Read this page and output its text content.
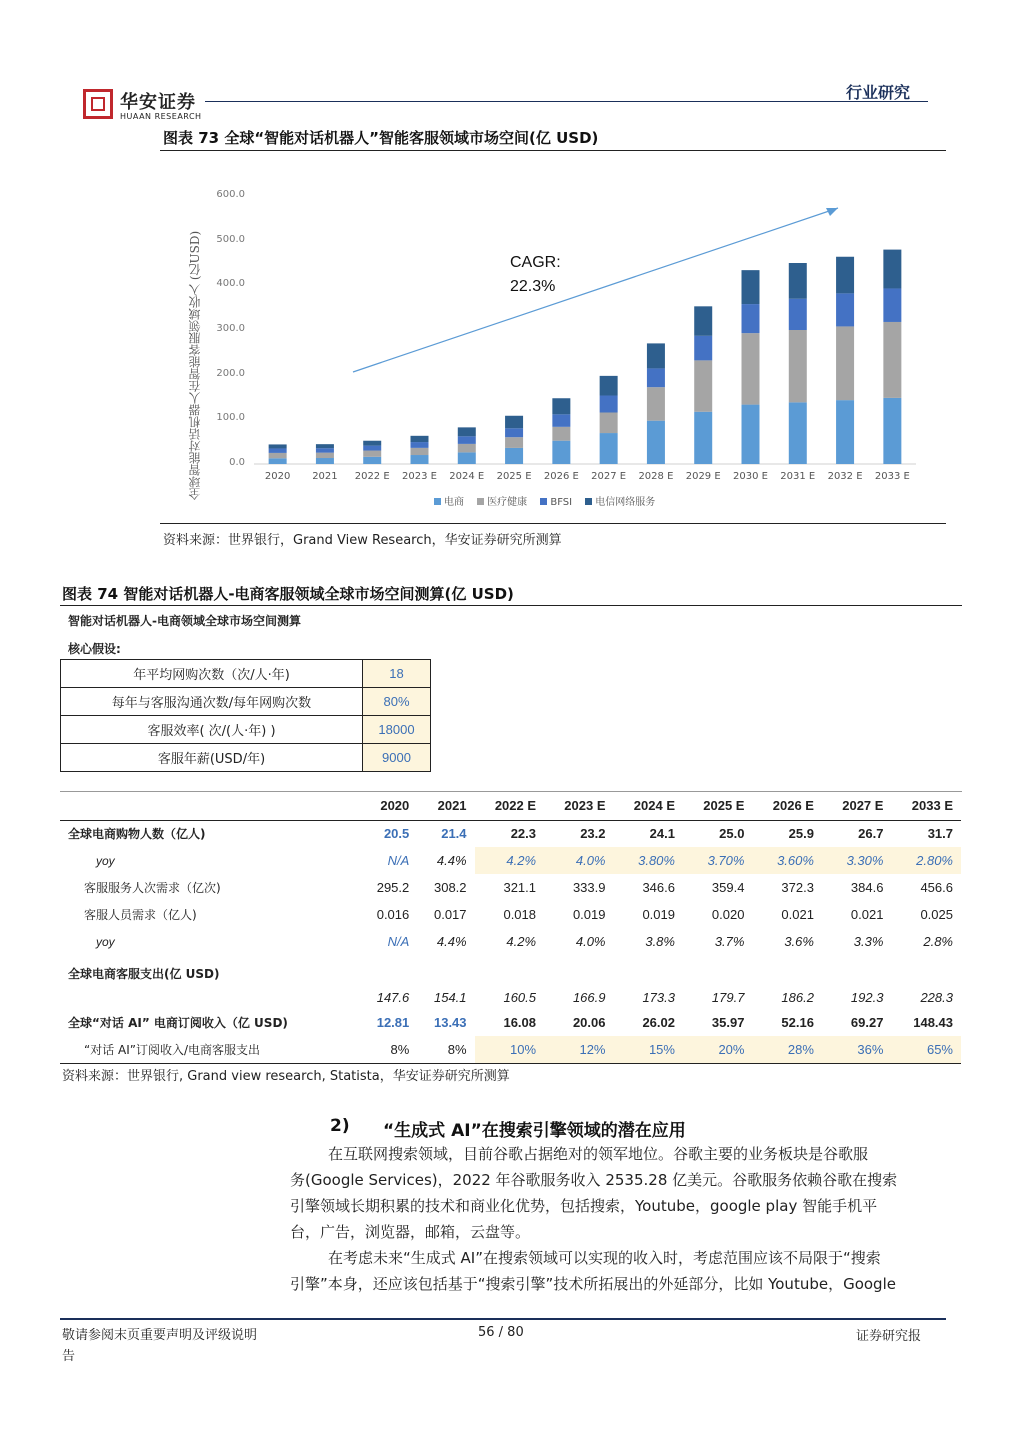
华安证券
HUAAN RESEARCH
行业研究
图表 73 全球“智能对话机器人”智能客服领域市场空间(亿 USD)
全球智能对话机器人在智能客服领域收入 (亿USD)	0.0
100.0
200.0
300.0
400.0
500.0
600.0
2020	2021	2022 E	2023 E	2024 E	2025 E	2026 E	2027 E	2028 E	2029 E	2030 E	2031 E	2032 E	2033 E
CAGR:
22.3%
电商 医疗健康 BFSI 电信网络服务
资料来源：世界银行，Grand View Research，华安证券研究所测算
图表 74 智能对话机器人-电商客服领域全球市场空间测算(亿 USD)
智能对话机器人-电商领域全球市场空间测算
核心假设:
年平均网购次数（次/人·年)	18
每年与客服沟通次数/每年网购次数	80%
客服效率( 次/(人·年) )	18000
客服年薪(USD/年)	9000
	2020	2021	2022 E	2023 E	2024 E	2025 E	2026 E	2027 E	2033 E
全球电商购物人数（亿人)	20.5	21.4	22.3	23.2	24.1	25.0	25.9	26.7	31.7
yoy	N/A	4.4%	4.2%	4.0%	3.80%	3.70%	3.60%	3.30%	2.80%
客服服务人次需求（亿次)	295.2	308.2	321.1	333.9	346.6	359.4	372.3	384.6	456.6
客服人员需求（亿人)	0.016	0.017	0.018	0.019	0.019	0.020	0.021	0.021	0.025
yoy	N/A	4.4%	4.2%	4.0%	3.8%	3.7%	3.6%	3.3%	2.8%
全球电商客服支出(亿 USD)	147.6	154.1	160.5	166.9	173.3	179.7	186.2	192.3	228.3
全球“对话 AI” 电商订阅收入（亿 USD)	12.81	13.43	16.08	20.06	26.02	35.97	52.16	69.27	148.43
“对话 AI”订阅收入/电商客服支出	8%	8%	10%	12%	15%	20%	28%	36%	65%
资料来源：世界银行, Grand view research, Statista，华安证券研究所测算
2) “生成式 AI”在搜索引擎领域的潜在应用
在互联网搜索领域，目前谷歌占据绝对的领军地位。谷歌主要的业务板块是谷歌服
务(Google Services)，2022 年谷歌服务收入 2535.28 亿美元。谷歌服务依赖谷歌在搜索
引擎领域长期积累的技术和商业化优势，包括搜索，Youtube，google play 智能手机平
台，广告，浏览器，邮箱，云盘等。
在考虑未来“生成式 AI”在搜索领域可以实现的收入时，考虑范围应该不局限于“搜索
引擎”本身，还应该包括基于“搜索引擎”技术所拓展出的外延部分，比如 Youtube，Google
敬请参阅末页重要声明及评级说明
告
56 / 80	证券研究报
